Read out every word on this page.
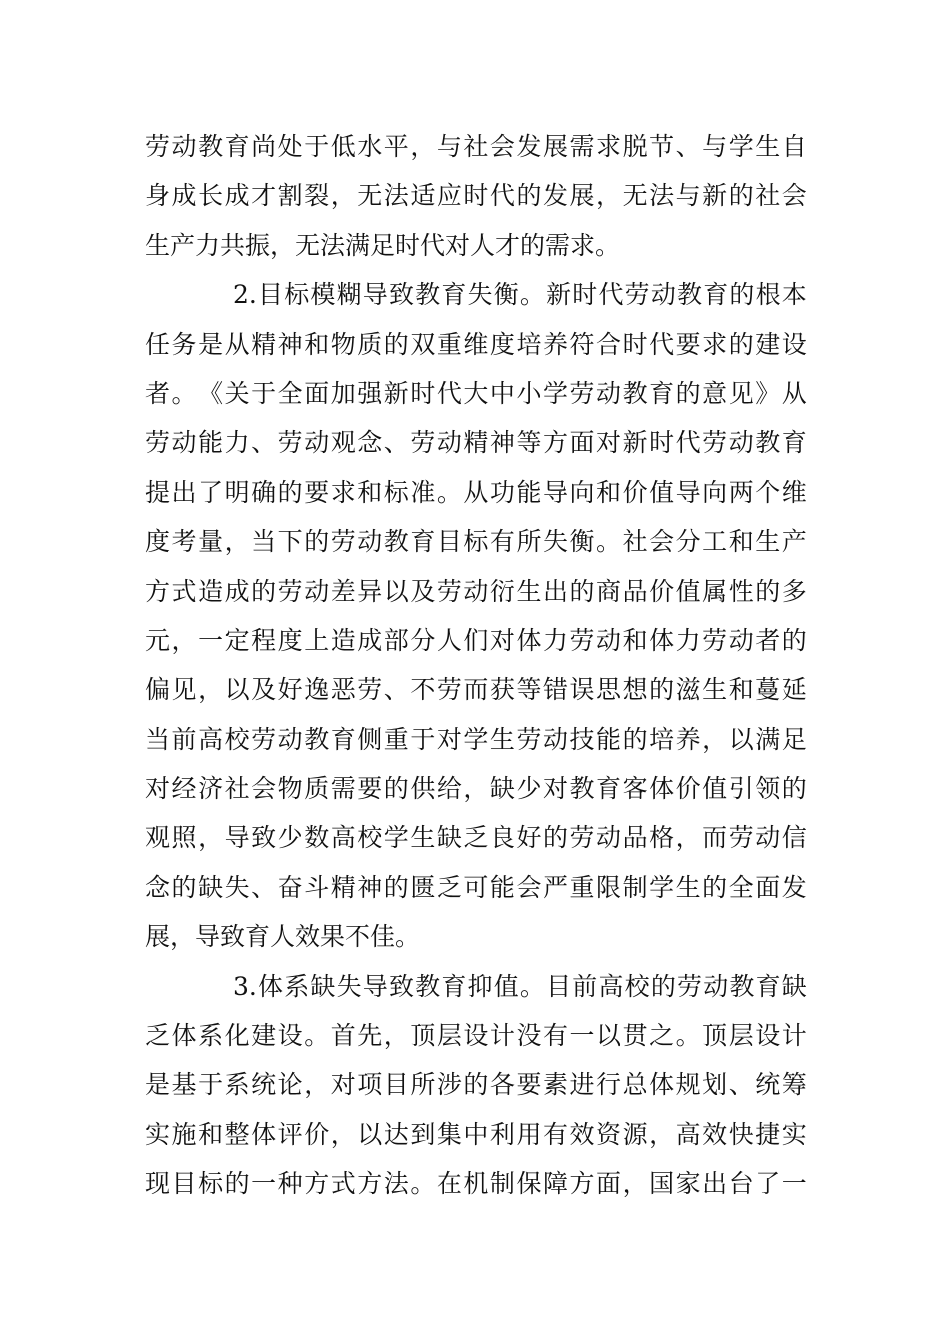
劳 动 教 育 尚 处 于 低 水 平 ， 与 社 会 发 展 需 求 脱 节 、 与 学 生 自
身 成 长 成 才 割 裂 ， 无 法 适 应 时 代 的 发 展 ， 无 法 与 新 的 社 会
生产力共振，无法满足时代对人才的需求。
2. 目 标 模 糊 导 致 教 育 失 衡 。 新 时 代 劳 动 教 育 的 根 本
任 务 是 从 精 神 和 物 质 的 双 重 维 度 培 养 符 合 时 代 要 求 的 建 设
者 。 《 关 于 全 面 加 强 新 时 代 大 中 小 学 劳 动 教 育 的 意 见 》 从
劳 动 能 力 、 劳 动 观 念 、 劳 动 精 神 等 方 面 对 新 时 代 劳 动 教 育
提 出 了 明 确 的 要 求 和 标 准 。 从 功 能 导 向 和 价 值 导 向 两 个 维
度 考 量 ， 当 下 的 劳 动 教 育 目 标 有 所 失 衡 。 社 会 分 工 和 生 产
方 式 造 成 的 劳 动 差 异 以 及 劳 动 衍 生 出 的 商 品 价 值 属 性 的 多
元 ， 一 定 程 度 上 造 成 部 分 人 们 对 体 力 劳 动 和 体 力 劳 动 者 的
偏 见 ， 以 及 好 逸 恶 劳 、 不 劳 而 获 等 错 误 思 想 的 滋 生 和 蔓 延
当 前 高 校 劳 动 教 育 侧 重 于 对 学 生 劳 动 技 能 的 培 养 ， 以 满 足
对 经 济 社 会 物 质 需 要 的 供 给 ， 缺 少 对 教 育 客 体 价 值 引 领 的
观 照 ， 导 致 少 数 高 校 学 生 缺 乏 良 好 的 劳 动 品 格 ， 而 劳 动 信
念 的 缺 失 、 奋 斗 精 神 的 匮 乏 可 能 会 严 重 限 制 学 生 的 全 面 发
展，导致育人效果不佳。
3. 体 系 缺 失 导 致 教 育 抑 值 。 目 前 高 校 的 劳 动 教 育 缺
乏 体 系 化 建 设 。 首 先 ， 顶 层 设 计 没 有 一 以 贯 之 。 顶 层 设 计
是 基 于 系 统 论 ， 对 项 目 所 涉 的 各 要 素 进 行 总 体 规 划 、 统 筹
实 施 和 整 体 评 价 ， 以 达 到 集 中 利 用 有 效 资 源 ， 高 效 快 捷 实
现 目 标 的 一 种 方 式 方 法 。 在 机 制 保 障 方 面 ， 国 家 出 台 了 一
